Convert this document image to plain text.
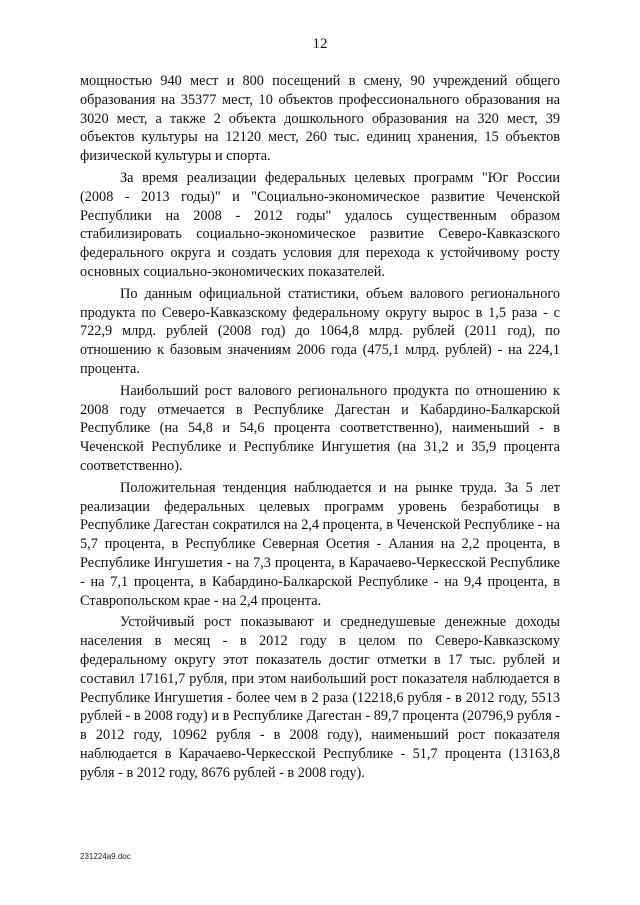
12

мощностью 940 мест и 800 посещений в смену, 90 учреждений общего образования на 35377 мест, 10 объектов профессионального образования на 3020 мест, а также 2 объекта дошкольного образования на 320 мест, 39 объектов культуры на 12120 мест, 260 тыс. единиц хранения, 15 объектов физической культуры и спорта.

За время реализации федеральных целевых программ "Юг России (2008 - 2013 годы)" и "Социально-экономическое развитие Чеченской Республики на 2008 - 2012 годы" удалось существенным образом стабилизировать социально-экономическое развитие Северо-Кавказского федерального округа и создать условия для перехода к устойчивому росту основных социально-экономических показателей.

По данным официальной статистики, объем валового регионального продукта по Северо-Кавказскому федеральному округу вырос в 1,5 раза - с 722,9 млрд. рублей (2008 год) до 1064,8 млрд. рублей (2011 год), по отношению к базовым значениям 2006 года (475,1 млрд. рублей) - на 224,1 процента.

Наибольший рост валового регионального продукта по отношению к 2008 году отмечается в Республике Дагестан и Кабардино-Балкарской Республике (на 54,8 и 54,6 процента соответственно), наименьший - в Чеченской Республике и Республике Ингушетия (на 31,2 и 35,9 процента соответственно).

Положительная тенденция наблюдается и на рынке труда. За 5 лет реализации федеральных целевых программ уровень безработицы в Республике Дагестан сократился на 2,4 процента, в Чеченской Республике - на 5,7 процента, в Республике Северная Осетия - Алания на 2,2 процента, в Республике Ингушетия - на 7,3 процента, в Карачаево-Черкесской Республике - на 7,1 процента, в Кабардино-Балкарской Республике - на 9,4 процента, в Ставропольском крае - на 2,4 процента.

Устойчивый рост показывают и среднедушевые денежные доходы населения в месяц - в 2012 году в целом по Северо-Кавказскому федеральному округу этот показатель достиг отметки в 17 тыс. рублей и составил 17161,7 рубля, при этом наибольший рост показателя наблюдается в Республике Ингушетия - более чем в 2 раза (12218,6 рубля - в 2012 году, 5513 рублей - в 2008 году) и в Республике Дагестан - 89,7 процента (20796,9 рубля - в 2012 году, 10962 рубля - в 2008 году), наименьший рост показателя наблюдается в Карачаево-Черкесской Республике - 51,7 процента (13163,8 рубля - в 2012 году, 8676 рублей - в 2008 году).

231224a9.doc
